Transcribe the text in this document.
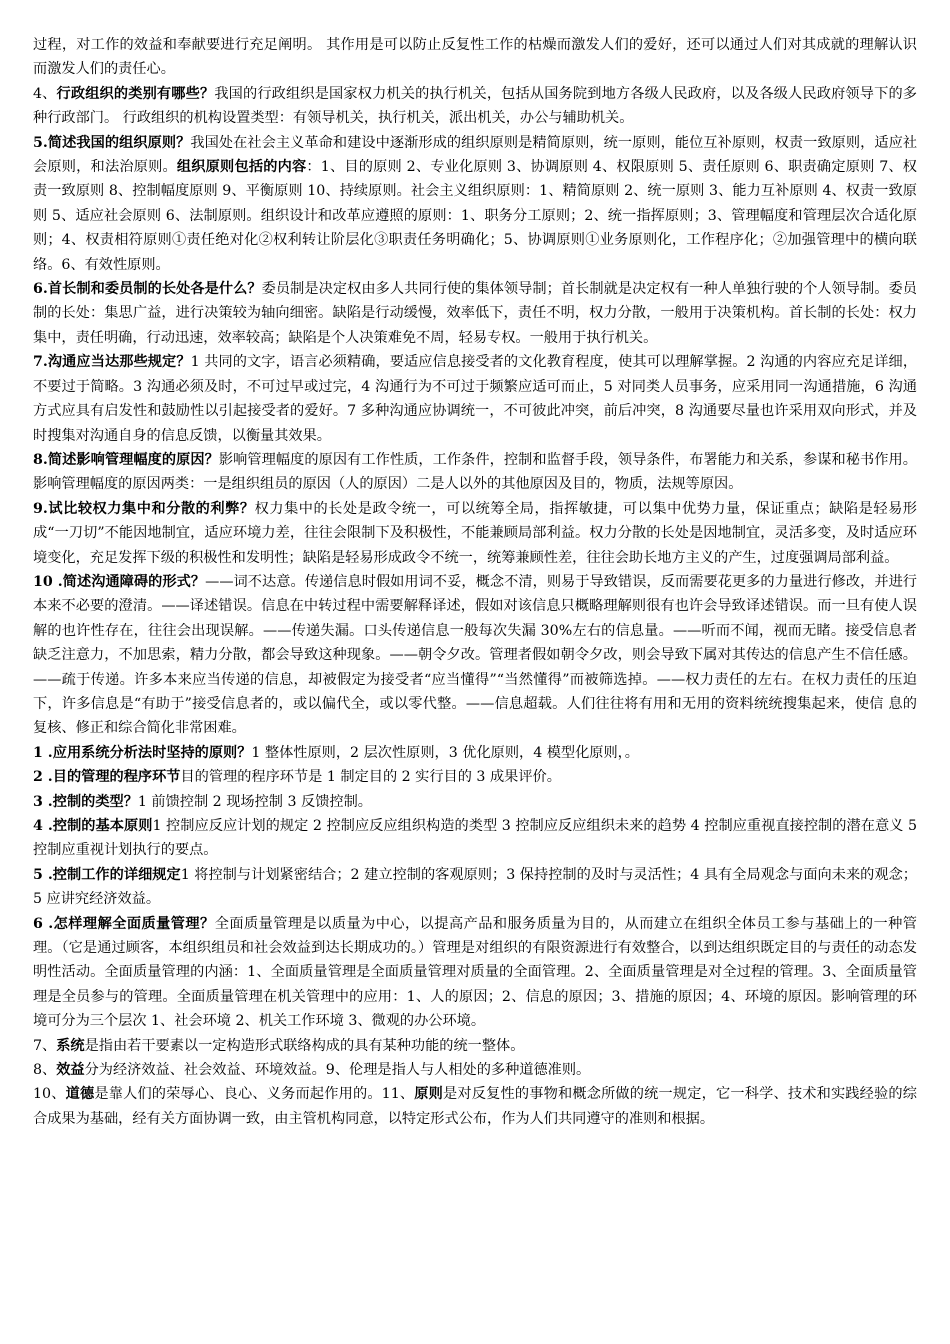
过程，对工作的效益和奉献要进行充足阐明。 其作用是可以防止反复性工作的枯燥而激发人们的爱好，还可以通过人们对其成就的理解认识而激发人们的责任心。

4、行政组织的类别有哪些？我国的行政组织是国家权力机关的执行机关，包括从国务院到地方各级人民政府，以及各级人民政府领导下的多种行政部门。 行政组织的机构设置类型：有领导机关，执行机关，派出机关，办公与辅助机关。

5.简述我国的组织原则？我国处在社会主义革命和建设中逐渐形成的组织原则是精简原则，统一原则，能位互补原则，权责一致原则，适应社会原则，和法治原则。组织原则包括的内容：1、目的原则 2、专业化原则 3、协调原则 4、权限原则 5、责任原则 6、职责确定原则 7、权责一致原则 8、控制幅度原则 9、平衡原则 10、持续原则。社会主义组织原则：1、精简原则 2、统一原则 3、能力互补原则 4、权责一致原则 5、适应社会原则 6、法制原则。组织设计和改革应遵照的原则：1、职务分工原则；2、统一指挥原则；3、管理幅度和管理层次合适化原则；4、权责相符原则①责任绝对化②权利转让阶层化③职责任务明确化；5、协调原则①业务原则化，工作程序化；②加强管理中的横向联络。6、有效性原则。

6.首长制和委员制的长处各是什么？委员制是决定权由多人共同行使的集体领导制；首长制就是决定权有一种人单独行驶的个人领导制。委员制的长处：集思广益，进行决策较为轴向细密。缺陷是行动缓慢，效率低下，责任不明，权力分散，一般用于决策机构。首长制的长处：权力集中，责任明确，行动迅速，效率较高；缺陷是个人决策难免不周，轻易专权。一般用于执行机关。

7.沟通应当达那些规定？1 共同的文字，语言必须精确，要适应信息接受者的文化教育程度，使其可以理解掌握。2 沟通的内容应充足详细，不要过于简略。3 沟通必须及时，不可过早或过完，4 沟通行为不可过于频繁应适可而止，5 对同类人员事务，应采用同一沟通措施，6 沟通方式应具有启发性和鼓励性以引起接受者的爱好。7 多种沟通应协调统一，不可彼此冲突，前后冲突，8 沟通要尽量也许采用双向形式，并及时搜集对沟通自身的信息反馈，以衡量其效果。

8.简述影响管理幅度的原因？影响管理幅度的原因有工作性质，工作条件，控制和监督手段，领导条件，布署能力和关系，参谋和秘书作用。影响管理幅度的原因两类：一是组织组员的原因（人的原因）二是人以外的其他原因及目的，物质，法规等原因。

9.试比较权力集中和分散的利弊？权力集中的长处是政令统一，可以统筹全局，指挥敏捷，可以集中优势力量，保证重点；缺陷是轻易形成“一刀切”不能因地制宜，适应环境力差，往往会限制下及积极性，不能兼顾局部利益。权力分散的长处是因地制宜，灵活多变，及时适应环境变化，充足发挥下级的积极性和发明性；缺陷是轻易形成政令不统一，统筹兼顾性差，往往会助长地方主义的产生，过度强调局部利益。

10 .简述沟通障碍的形式？——词不达意。传递信息时假如用词不妥，概念不清，则易于导致错误，反而需要花更多的力量进行修改，并进行本来不必要的澄清。——译述错误。信息在中转过程中需要解释译述，假如对该信息只概略理解则很有也许会导致译述错误。而一旦有使人误解的也许性存在，往往会出现误解。——传递失漏。口头传递信息一般每次失漏 30%左右的信息量。——听而不闻，视而无睹。接受信息者缺乏注意力，不加思索，精力分散，都会导致这种现象。——朝令夕改。管理者假如朝令夕改，则会导致下属对其传达的信息产生不信任感。——疏于传递。许多本来应当传递的信息，却被假定为接受者“应当懂得”“当然懂得”而被筛选掉。——权力责任的左右。在权力责任的压迫下，许多信息是“有助于”接受信息者的，或以偏代全，或以零代整。——信息超载。人们往往将有用和无用的资料统统搜集起来，使信 息的复核、修正和综合简化非常困难。

1 .应用系统分析法时坚持的原则？1 整体性原则，2 层次性原则，3 优化原则，4 模型化原则，。

2 .目的管理的程序环节目的管理的程序环节是 1 制定目的 2 实行目的 3 成果评价。

3 .控制的类型？1 前馈控制 2 现场控制 3 反馈控制。

4 .控制的基本原则1 控制应反应计划的规定 2 控制应反应组织构造的类型 3 控制应反应组织未来的趋势 4 控制应重视直接控制的潜在意义 5 控制应重视计划执行的要点。

5 .控制工作的详细规定1 将控制与计划紧密结合；2 建立控制的客观原则；3 保持控制的及时与灵活性；4 具有全局观念与面向未来的观念；5 应讲究经济效益。

6 .怎样理解全面质量管理？全面质量管理是以质量为中心，以提高产品和服务质量为目的，从而建立在组织全体员工参与基础上的一种管理。（它是通过顾客，本组织组员和社会效益到达长期成功的。）管理是对组织的有限资源进行有效整合，以到达组织既定目的与责任的动态发明性活动。全面质量管理的内涵：1、全面质量管理是全面质量管理对质量的全面管理。2、全面质量管理是对全过程的管理。3、全面质量管理是全员参与的管理。全面质量管理在机关管理中的应用：1、人的原因；2、信息的原因；3、措施的原因；4、环境的原因。影响管理的环境可分为三个层次 1、社会环境 2、机关工作环境 3、微观的办公环境。

7、系统是指由若干要素以一定构造形式联络构成的具有某种功能的统一整体。

8、效益分为经济效益、社会效益、环境效益。9、伦理是指人与人相处的多种道德准则。

10、道德是靠人们的荣辱心、良心、义务而起作用的。11、原则是对反复性的事物和概念所做的统一规定，它一科学、技术和实践经验的综合成果为基础，经有关方面协调一致，由主管机构同意，以特定形式公布，作为人们共同遵守的准则和根据。
